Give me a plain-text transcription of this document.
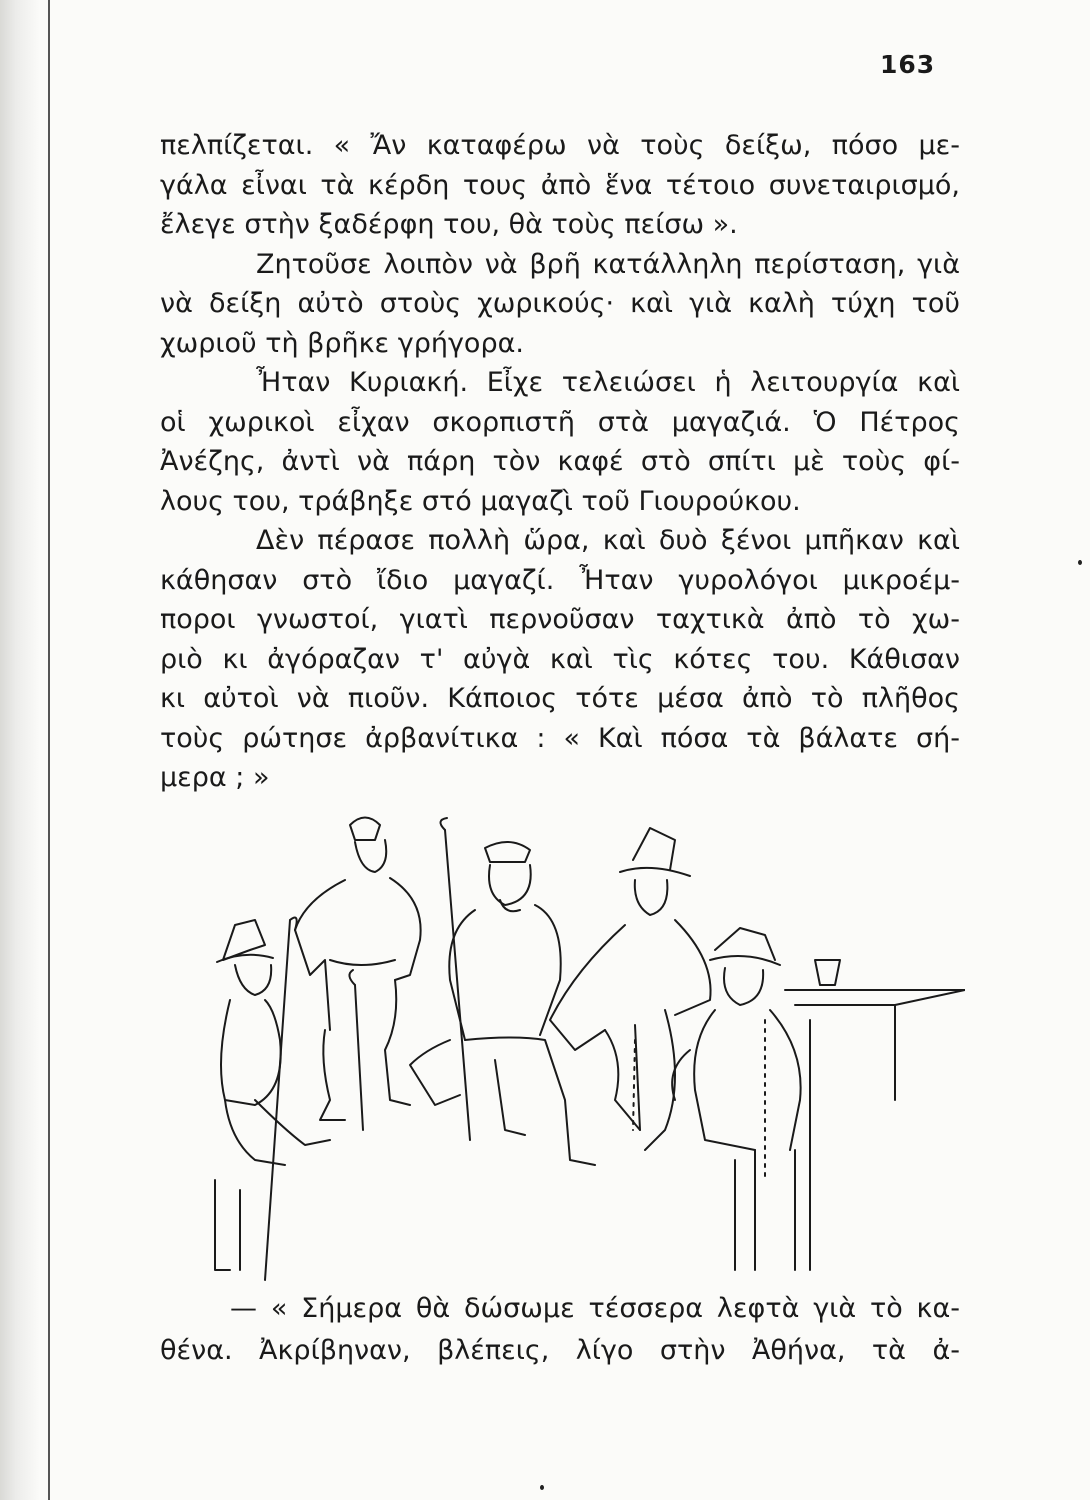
163
πελπίζεται. « Ἄν καταφέρω νὰ τοὺς δείξω, πόσο με-
γάλα εἶναι τὰ κέρδη τους ἀπὸ ἕνα τέτοιο συνεταιρισμό,
ἔλεγε στὴν ξαδέρφη του, θὰ τοὺς πείσω ».
Ζητοῦσε λοιπὸν νὰ βρῆ κατάλληλη περίσταση, γιὰ
νὰ δείξη αὐτὸ στοὺς χωρικούς· καὶ γιὰ καλὴ τύχη τοῦ
χωριοῦ τὴ βρῆκε γρήγορα.
Ἦταν Κυριακή. Εἶχε τελειώσει ἡ λειτουργία καὶ
οἱ χωρικοὶ εἶχαν σκορπιστῆ στὰ μαγαζιά. Ὁ Πέτρος
Ἀνέζης, ἀντὶ νὰ πάρη τὸν καφέ στὸ σπίτι μὲ τοὺς φί-
λους του, τράβηξε στό μαγαζὶ τοῦ Γιουρούκου.
Δὲν πέρασε πολλὴ ὥρα, καὶ δυὸ ξένοι μπῆκαν καὶ
κάθησαν στὸ ἴδιο μαγαζί. Ἦταν γυρολόγοι μικροέμ-
ποροι γνωστοί, γιατὶ περνοῦσαν ταχτικὰ ἀπὸ τὸ χω-
ριὸ κι ἀγόραζαν τ' αὐγὰ καὶ τὶς κότες του. Κάθισαν
κι αὐτοὶ νὰ πιοῦν. Κάποιος τότε μέσα ἀπὸ τὸ πλῆθος
τοὺς ρώτησε ἀρβανίτικα : « Καὶ πόσα τὰ βάλατε σή-
μερα ; »
— « Σήμερα θὰ δώσωμε τέσσερα λεφτὰ γιὰ τὸ κα-
θένα. Ἀκρίβηναν, βλέπεις, λίγο στὴν Ἀθήνα, τὰ ἀ-
